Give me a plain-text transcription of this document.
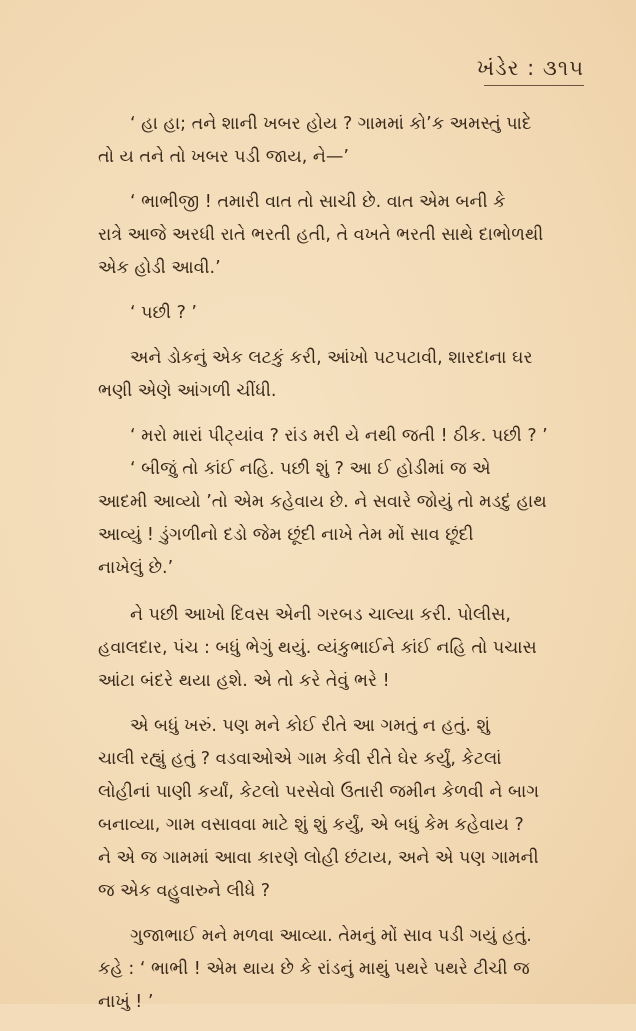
ખંડેર : ૩૧૫

‘ હા હા; તને શાની ખબર હોય ? ગામમાં કો’ક અમસ્તું પાદે
તો ય તને તો ખબર પડી જાય, ને—’

‘ ભાભીજી ! તમારી વાત તો સાચી છે. વાત એમ બની કે
રાત્રે આજે અરધી રાતે ભરતી હતી, તે વખતે ભરતી સાથે દાભોળથી
એક હોડી આવી.’

‘ પછી ? ’

અને ડોકનું એક લટકું કરી, આંખો પટપટાવી, શારદાના ઘર
ભણી એણે આંગળી ચીંધી.

‘ મરો મારાં પીટ્યાંવ ? રાંડ મરી યે નથી જતી ! ઠીક. પછી ? ’

‘ બીજું તો કાંઈ નહિ. પછી શું ? આ ઈ હોડીમાં જ એ
આદમી આવ્યો ’તો એમ કહેવાય છે. ને સવારે જોયું તો મડદું હાથ
આવ્યું ! ડુંગળીનો દડો જેમ છૂંદી નાખે તેમ મોં સાવ છૂંદી
નાખેલું છે.’

ને પછી આખો દિવસ એની ગરબડ ચાલ્યા કરી. પોલીસ,
હવાલદાર, પંચ : બધું ભેગું થયું. વ્યંકુભાઈને કાંઈ નહિ તો પચાસ
આંટા બંદરે થયા હશે. એ તો કરે તેવું ભરે !

એ બધું ખરું. પણ મને કોઈ રીતે આ ગમતું ન હતું. શું
ચાલી રહ્યું હતું ? વડવાઓએ ગામ કેવી રીતે ઘેર કર્યું, કેટલાં
લોહીનાં પાણી કર્યાં, કેટલો પરસેવો ઉતારી જમીન કેળવી ને બાગ
બનાવ્યા, ગામ વસાવવા માટે શું શું કર્યું, એ બધું કેમ કહેવાય ?
ને એ જ ગામમાં આવા કારણે લોહી છંટાય, અને એ પણ ગામની
જ એક વહુવારુને લીધે ?

ગુજાભાઈ મને મળવા આવ્યા. તેમનું મોં સાવ પડી ગયું હતું.
કહે : ‘ ભાભી ! એમ થાય છે કે રાંડનું માથું પથરે પથરે ટીચી જ
નાખું ! ’
